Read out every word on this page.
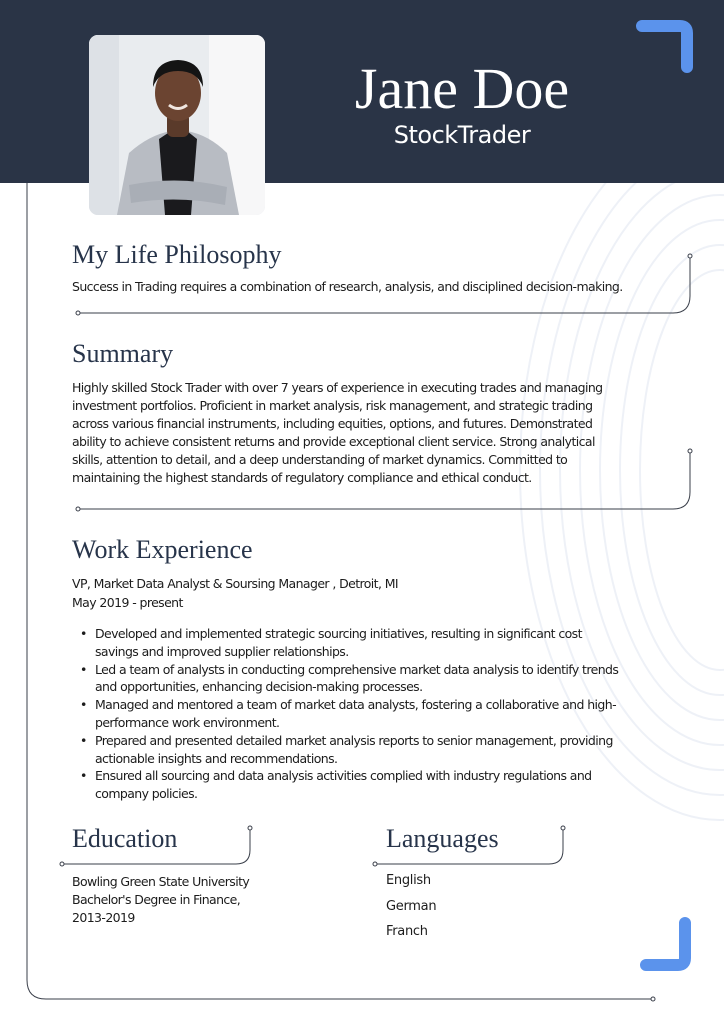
Jane Doe
StockTrader
My Life Philosophy
Success in Trading requires a combination of research, analysis, and disciplined decision-making.
Summary
Highly skilled Stock Trader with over 7 years of experience in executing trades and managing
investment portfolios. Proficient in market analysis, risk management, and strategic trading
across various financial instruments, including equities, options, and futures. Demonstrated
ability to achieve consistent returns and provide exceptional client service. Strong analytical
skills, attention to detail, and a deep understanding of market dynamics. Committed to
maintaining the highest standards of regulatory compliance and ethical conduct.
Work Experience
VP, Market Data Analyst & Soursing Manager , Detroit, MI
May 2019 - present
• Developed and implemented strategic sourcing initiatives, resulting in significant cost
savings and improved supplier relationships.
• Led a team of analysts in conducting comprehensive market data analysis to identify trends
and opportunities, enhancing decision-making processes.
• Managed and mentored a team of market data analysts, fostering a collaborative and high-
performance work environment.
• Prepared and presented detailed market analysis reports to senior management, providing
actionable insights and recommendations.
• Ensured all sourcing and data analysis activities complied with industry regulations and
company policies.
Education
Bowling Green State University
Bachelor's Degree in Finance,
2013-2019
Languages
English
German
Franch
